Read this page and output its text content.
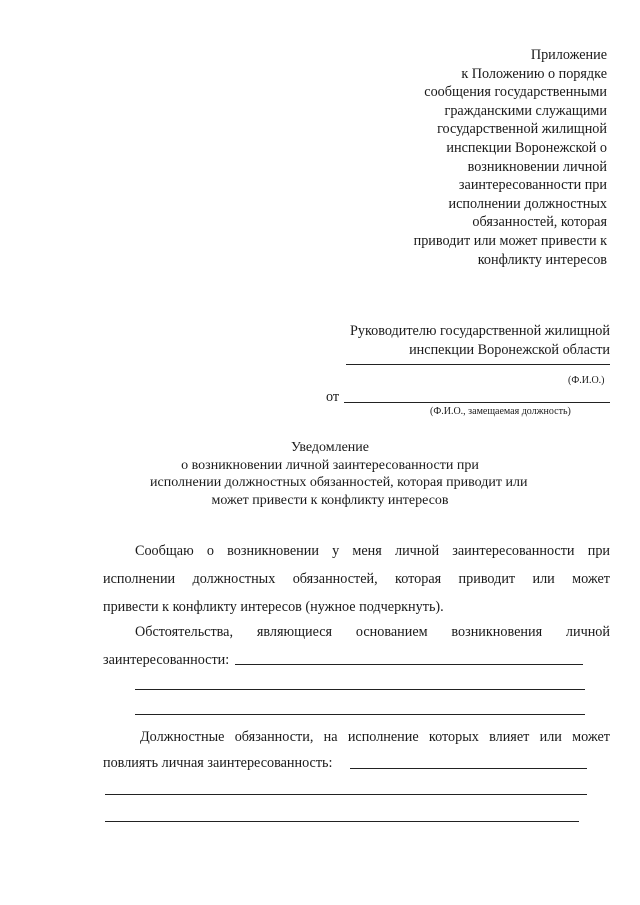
Приложение
к Положению о порядке
сообщения государственными
гражданскими служащими
государственной жилищной
инспекции Воронежской о
возникновении личной
заинтересованности при
исполнении должностных
обязанностей, которая
приводит или может привести к
конфликту интересов
Руководителю государственной жилищной
инспекции Воронежской области
(Ф.И.О.)
от
(Ф.И.О., замещаемая должность)
Уведомление
о возникновении личной заинтересованности при
исполнении должностных обязанностей, которая приводит или
может привести к конфликту интересов
Сообщаю о возникновении у меня личной заинтересованности при
исполнении должностных обязанностей, которая приводит или может
привести к конфликту интересов (нужное подчеркнуть).
Обстоятельства, являющиеся основанием возникновения личной
заинтересованности:
Должностные обязанности, на исполнение которых влияет или может
повлиять личная заинтересованность:
